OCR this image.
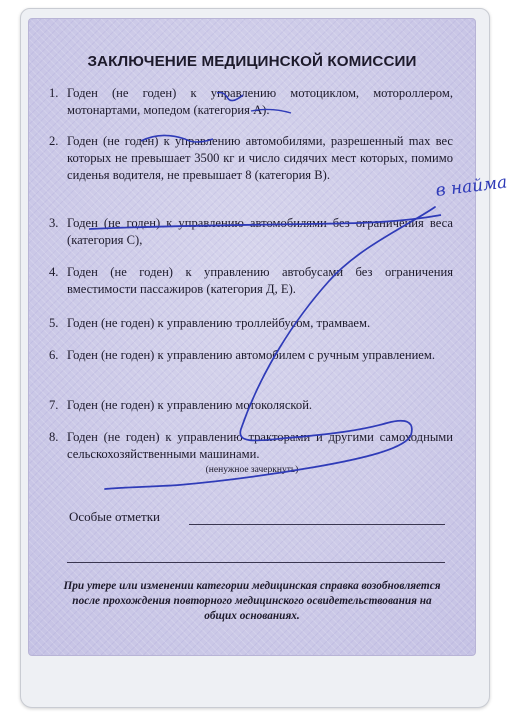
ЗАКЛЮЧЕНИЕ МЕДИЦИНСКОЙ КОМИССИИ
1. Годен (не годен) к управлению мотоциклом, мотороллером, мотонартами, мопедом (категория А).
2. Годен (не годен) к управлению автомобилями, разрешенный max вес которых не превышает 3500 кг и число сидячих мест которых, помимо сиденья водителя, не превышает 8 (категория В).
3. Годен (не годен) к управлению автомобилями без ограничения веса (категория С),
4. Годен (не годен) к управлению автобусами без ограничения вместимости пассажиров (категория Д, Е).
5. Годен (не годен) к управлению троллейбусом, трамваем.
6. Годен (не годен) к управлению автомобилем с ручным управлением.
7. Годен (не годен) к управлению мотоколяской.
8. Годен (не годен) к управлению тракторами и другими самоходными сельскохозяйственными машинами.
(ненужное зачеркнуть)
Особые отметки
При утере или изменении категории медицинская справка возобновляется после прохождения повторного медицинского освидетельствования на общих основаниях.
в найма
